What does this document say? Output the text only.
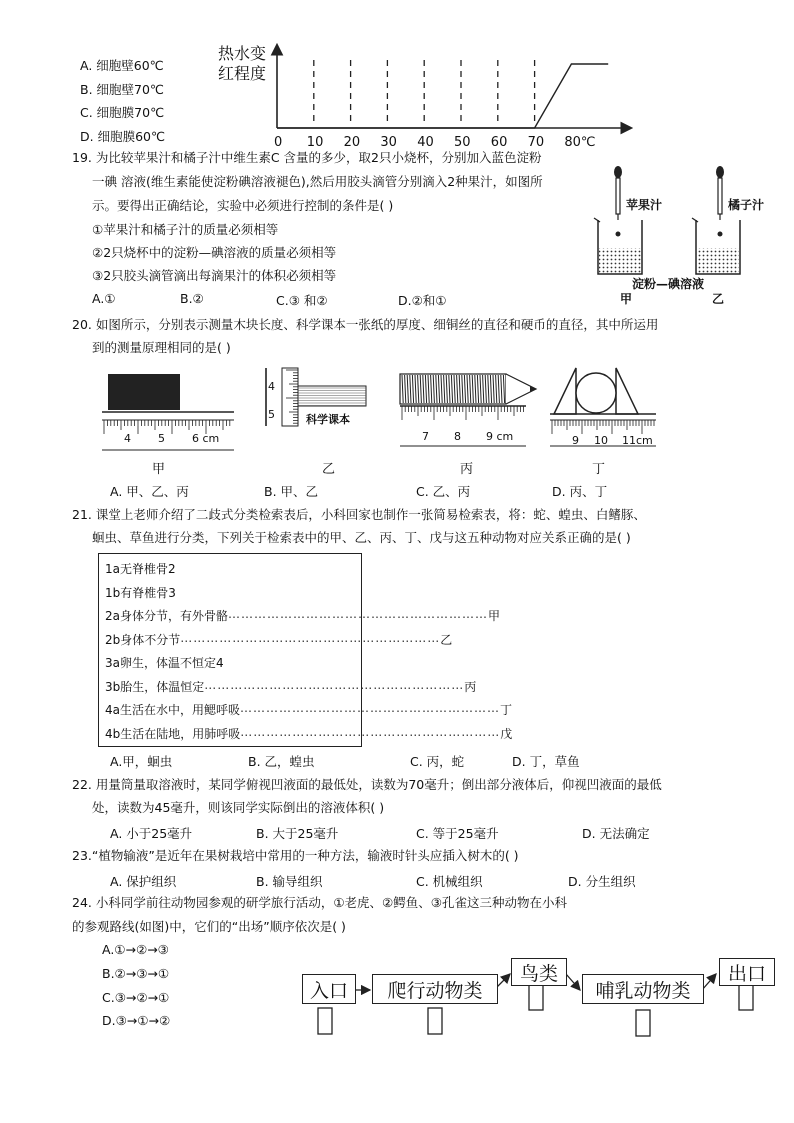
A. 细胞壁60℃
B. 细胞壁70℃
C. 细胞膜70℃
D. 细胞膜60℃
热水变
红程度
0 10 20 30 40 50 60 70 80℃
19. 为比较苹果汁和橘子汁中维生素C 含量的多少，取2只小烧杯，分别加入蓝色淀粉
一碘 溶液(维生素能使淀粉碘溶液褪色),然后用胶头滴管分别滴入2种果汁，如图所
示。要得出正确结论，实验中必须进行控制的条件是( )
①苹果汁和橘子汁的质量必须相等
②2只烧杯中的淀粉—碘溶液的质量必须相等
③2只胶头滴管滴出每滴果汁的体积必须相等
A.①	B.②	C.③ 和②	D.②和①
苹果汁	橘子汁
淀粉—碘溶液
甲	乙
20. 如图所示，分别表示测量木块长度、科学课本一张纸的厚度、细铜丝的直径和硬币的直径，其中所运用
到的测量原理相同的是( )
4 5 6 cm
甲
4
5	科学课本
乙
7 8 9 cm
丙
9 10 11cm
丁
A. 甲、乙、丙	B. 甲、乙	C. 乙、丙	D. 丙、丁
21. 课堂上老师介绍了二歧式分类检索表后，小科回家也制作一张简易检索表，将：蛇、蝗虫、白鳍豚、
蛔虫、草鱼进行分类，下列关于检索表中的甲、乙、丙、丁、戊与这五种动物对应关系正确的是( )
1a无脊椎骨2
1b有脊椎骨3
2a身体分节，有外骨骼 …………………………………………………… 甲
2b身体不分节 …………………………………………………… 乙
3a卵生，体温不恒定4
3b胎生，体温恒定 …………………………………………………… 丙
4a生活在水中，用鳃呼吸 …………………………………………………… 丁
4b生活在陆地，用肺呼吸 …………………………………………………… 戊
A.甲，蛔虫	B. 乙，蝗虫	C. 丙，蛇	D. 丁，草鱼
22. 用量筒量取溶液时，某同学俯视凹液面的最低处，读数为70毫升；倒出部分液体后，仰视凹液面的最低
处，读数为45毫升，则该同学实际倒出的溶液体积( )
A. 小于25毫升	B. 大于25毫升	C. 等于25毫升	D. 无法确定
23.“植物输液”是近年在果树栽培中常用的一种方法，输液时针头应插入树木的( )
A. 保护组织	B. 输导组织	C. 机械组织	D. 分生组织
24. 小科同学前往动物园参观的研学旅行活动，①老虎、②鳄鱼、③孔雀这三种动物在小科
的参观路线(如图)中，它们的“出场”顺序依次是( )
A.①→②→③
B.②→③→①
C.③→②→①
D.③→①→②
入口	爬行动物类
鸟类
哺乳动物类
出口
